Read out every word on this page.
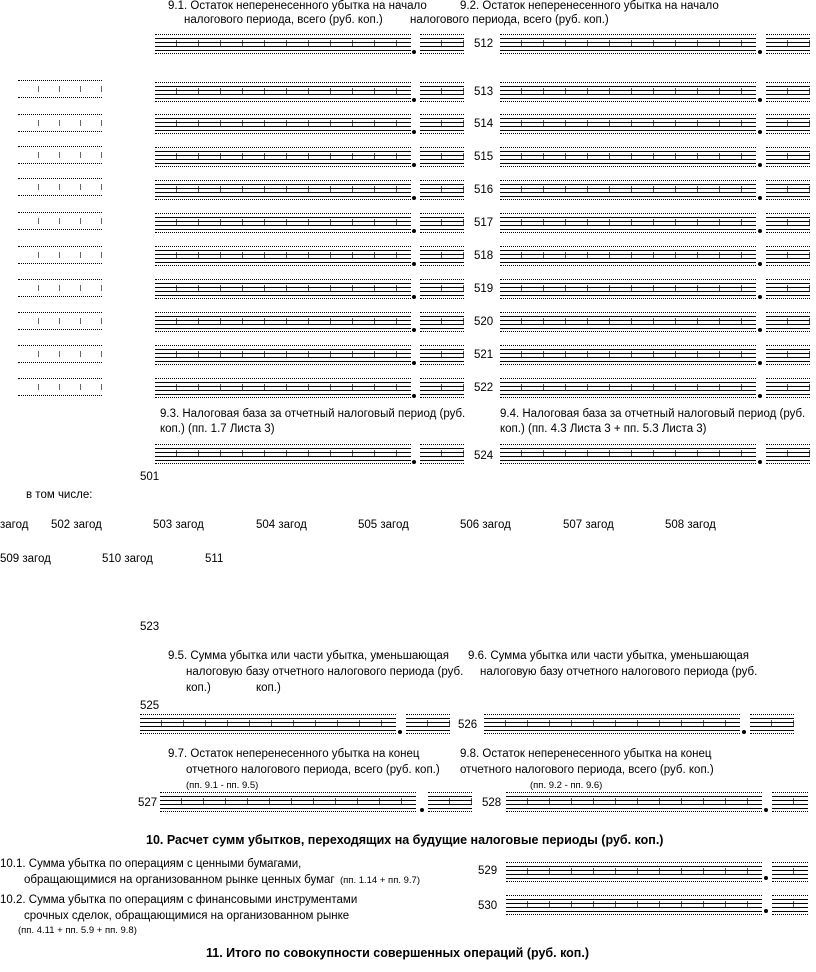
9.1. Остаток неперенесенного убытка на начало
налогового периода, всего (руб. коп.)
9.2. Остаток неперенесенного убытка на начало
налогового периода, всего (руб. коп.)
512
513
514
515
516
517
518
519
520
521
522
9.3. Налоговая база за отчетный налоговый период (руб.
коп.) (пп. 1.7 Листа 3)
9.4. Налоговая база за отчетный налоговый период (руб.
коп.) (пп. 4.3 Листа 3 + пп. 5.3 Листа 3)
524
501
в том числе:
загод 502 загод	503 загод	504 загод	505 загод	506 загод	507 загод	508 загод
509 загод	510 загод	511
523
9.5. Сумма убытка или части убытка, уменьшающая
налоговую базу отчетного налогового периода (руб.
коп.)
9.6. Сумма убытка или части убытка, уменьшающая
налоговую базу отчетного налогового периода (руб.
коп.)
525
526
9.7. Остаток неперенесенного убытка на конец
отчетного налогового периода, всего (руб. коп.)
(пп. 9.1 - пп. 9.5)
9.8. Остаток неперенесенного убытка на конец
отчетного налогового периода, всего (руб. коп.)
(пп. 9.2 - пп. 9.6)
527	528
10. Расчет сумм убытков, переходящих на будущие налоговые периоды (руб. коп.)
10.1. Сумма убытка по операциям с ценными бумагами,
обращающимися на организованном рынке ценных бумаг (пп. 1.14 + пп. 9.7)
529
10.2. Сумма убытка по операциям с финансовыми инструментами
срочных сделок, обращающимися на организованном рынке
(пп. 4.11 + пп. 5.9 + пп. 9.8)
530
11. Итого по совокупности совершенных операций (руб. коп.)
